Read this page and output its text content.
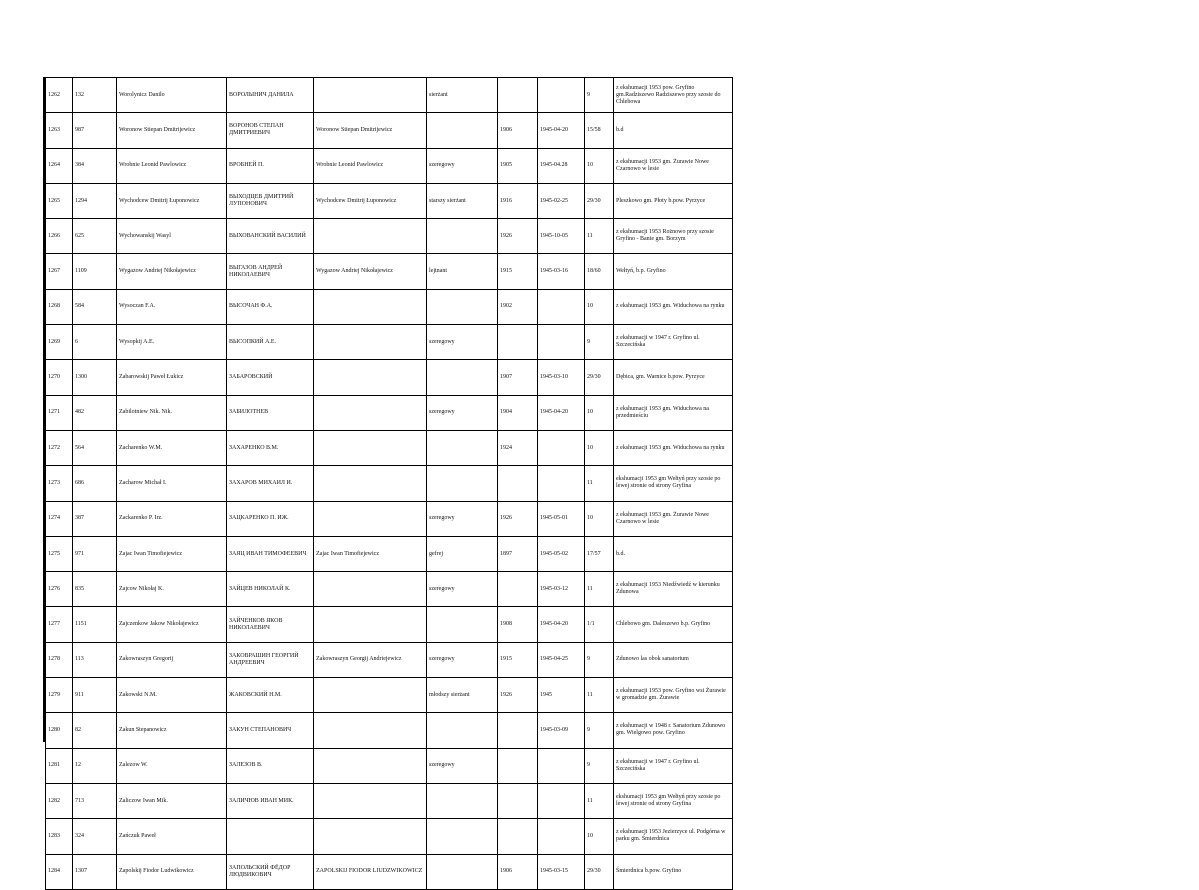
1262	132	Worolynicz Danilo	ВОРОЛЫНИЧ ДАНИЛА		sierżant			9	z ekshumacji 1953 pow. Gryfino gm.Radziszewo Radziszewo przy szosie do Chlebowa
1263	987	Woronow Stiepan Dmitrijewicz	ВОРОНОВ СТЕПАН ДМИТРИЕВИЧ	Woronow Stiepan Dmitrijewicz		1906	1945-04-20	15/58	b.d
1264	384	Wrobnie Leonid Pawlowicz	ВРОБНЕЙ П.	Wrobnie Leonid Pawlowicz	szeregowy	1905	1945-04.28	10	z ekshumacji 1953 gm. Żurawie Nowe Czarnowo w lesie
1265	1294	Wychodcew Dmitrij Łuponowicz	ВЫХОДЦЕВ ДМИТРИЙ ЛУПОНОВИЧ	Wychodcew Dmitrij Łuponowicz	starszy sierżant	1916	1945-02-25	29/30	Pleszkowo gm. Płoty b.pow. Pyrzyce
1266	625	Wychowanskij Wasyl	ВЫХОВАНСКИЙ ВАСИЛИЙ			1926	1945-10-05	11	z ekshumacji 1953 Rożnowo przy szosie Gryfino - Banie gm. Borzym
1267	1109	Wygazow Andriej Nikołajewicz	ВЫГАЗОВ АНДРЕЙ НИКОЛАЕВИЧ	Wygazow Andriej Nikołajewicz	lejtnant	1915	1945-03-16	18/60	Wełtyń, b.p. Gryfino
1268	584	Wysoczan F.A.	ВЫСОЧАН Ф.А.			1902		10	z ekshumacji 1953 gm. Widuchowa na rynku
1269	6	Wysopkij A.E.	ВЫСОПКИЙ А.Е.		szeregowy			9	z ekshumacji w 1947 r. Gryfino ul. Szczecińska
1270	1300	Zabarowskij Paweł Łukicz	ЗАБАРОВСКИЙ			1907	1945-03-10	29/30	Dębica, gm. Warnice b.pow. Pyrzyce
1271	482	Zabilotniew Nik. Nik.	ЗАБИЛОТНЕВ		szeregowy	1904	1945-04-20	10	z ekshumacji 1953 gm. Widuchowa na przedmieściu
1272	564	Zacharenko W.M.	ЗАХАРЕНКО В.М.			1924		10	z ekshumacji 1953 gm. Widuchowa na rynku
1273	686	Zacharow Michał I.	ЗАХАРОВ МИХАИЛ И.					11	ekshumacji 1953 gm Wełtyń przy szosie po lewej stronie od strony Gryfina
1274	387	Zackarenko P. Irz.	ЗАЦКАРЕНКО П. ИЖ.		szeregowy	1926	1945-05-01	10	z ekshumacji 1953 gm. Żurawie Nowe Czarnowo w lesie
1275	971	Zajac Iwan Timofiejewicz	ЗАЯЦ ИВАН ТИМОФЕЕВИЧ	Zajac Iwan Timofiejewicz	gefrej	1897	1945-05-02	17/57	b.d.
1276	835	Zajcow Nikołaj K.	ЗАЙЦЕВ НИКОЛАЙ К.		szeregowy		1945-03-12	11	z ekshumacji 1953 Niedźwiedź w kierunku Zdunowa
1277	1151	Zajczenkow Jakow Nikołajewicz	ЗАЙЧЕНКОВ ЯКОВ НИКОЛАЕВИЧ			1908	1945-04-20	1/1	Chlebowo gm. Daleszewo b.p. Gryfino
1278	113	Zakowraszyn Gregorij	ЗАКОВРАШИН ГЕОРГИЙ АНДРЕЕВИЧ	Zakowraszyn Georgij Andriejewicz	szeregowy	1915	1945-04-25	9	Zdunowo las obok sanatorium
1279	911	Zakowski N.M.	ЖАКОВСКИЙ Н.М.		młodszy sierżant	1926	1945	11	z ekshumacji 1953 pow. Gryfino wsi Żurawie w gromadzie gm. Żurawie
1280	82	Zakun Stepanowicz	ЗАКУН СТЕПАНОВИЧ				1945-03-09	9	z ekshumacji w 1948 r. Sanatorium Zdunowo gm. Wielgowo pow. Gryfino
1281	12	Zalezow W.	ЗАЛЕЗОВ В.		szeregowy			9	z ekshumacji w 1947 r. Gryfino ul. Szczecińska
1282	713	Zaliczow Iwan Mik.	ЗАЛИЧЮВ ИВАН МИК.					11	ekshumacji 1953 gm Wełtyń przy szosie po lewej stronie od strony Gryfina
1283	324	Zańczuk Paweł						10	z ekshumacji 1953 Jezierzyce ul. Podgórna w parku gm. Śmierdnica
1284	1307	Zapolskij Fiodor Ludwikowicz	ЗАПОЛЬСКИЙ ФЁДОР ЛЮДВИКОВИЧ	ZAPOLSKIJ FIODOR LIUDZWIKOWICZ		1906	1945-03-15	29/30	Śmierdnica b.pow. Gryfino
